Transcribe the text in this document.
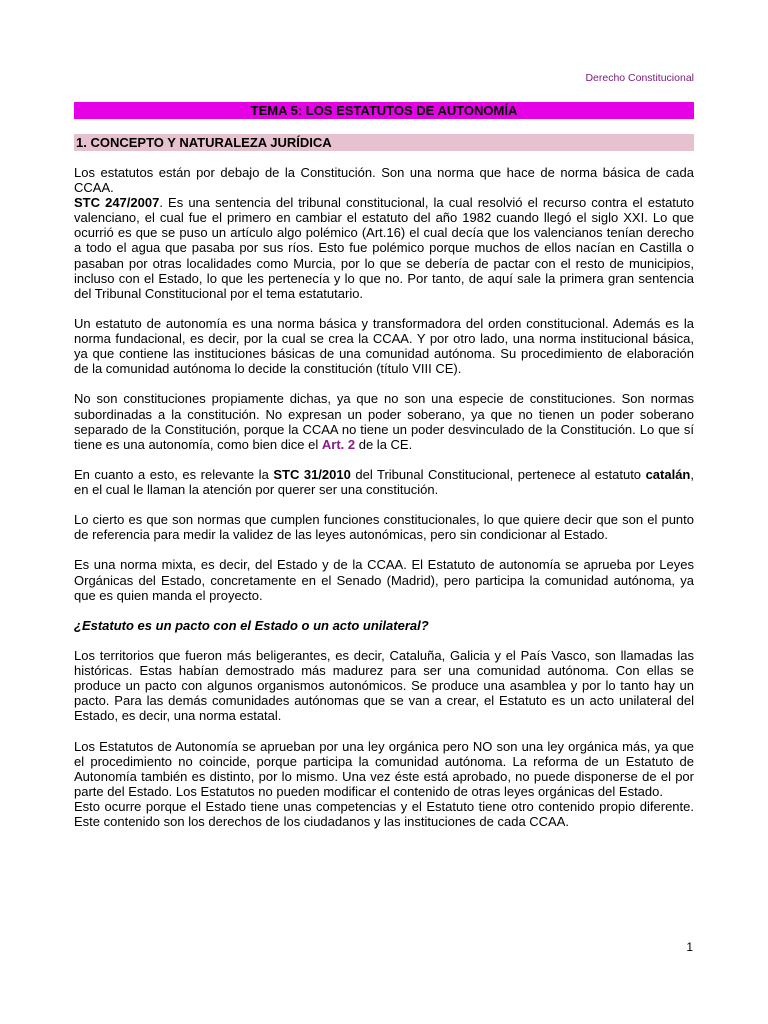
Derecho Constitucional
TEMA 5: LOS ESTATUTOS DE AUTONOMÍA
1. CONCEPTO Y NATURALEZA JURÍDICA

Los estatutos están por debajo de la Constitución. Son una norma que hace de norma básica de cada CCAA.

STC 247/2007. Es una sentencia del tribunal constitucional, la cual resolvió el recurso contra el estatuto valenciano, el cual fue el primero en cambiar el estatuto del año 1982 cuando llegó el siglo XXI. Lo que ocurrió es que se puso un artículo algo polémico (Art.16) el cual decía que los valencianos tenían derecho a todo el agua que pasaba por sus ríos. Esto fue polémico porque muchos de ellos nacían en Castilla o pasaban por otras localidades como Murcia, por lo que se debería de pactar con el resto de municipios, incluso con el Estado, lo que les pertenecía y lo que no. Por tanto, de aquí sale la primera gran sentencia del Tribunal Constitucional por el tema estatutario.

Un estatuto de autonomía es una norma básica y transformadora del orden constitucional. Además es la norma fundacional, es decir, por la cual se crea la CCAA. Y por otro lado, una norma institucional básica, ya que contiene las instituciones básicas de una comunidad autónoma. Su procedimiento de elaboración de la comunidad autónoma lo decide la constitución (título VIII CE).

No son constituciones propiamente dichas, ya que no son una especie de constituciones. Son normas subordinadas a la constitución. No expresan un poder soberano, ya que no tienen un poder soberano separado de la Constitución, porque la CCAA no tiene un poder desvinculado de la Constitución. Lo que sí tiene es una autonomía, como bien dice el Art. 2 de la CE.

En cuanto a esto, es relevante la STC 31/2010 del Tribunal Constitucional, pertenece al estatuto catalán, en el cual le llaman la atención por querer ser una constitución.

Lo cierto es que son normas que cumplen funciones constitucionales, lo que quiere decir que son el punto de referencia para medir la validez de las leyes autonómicas, pero sin condicionar al Estado.

Es una norma mixta, es decir, del Estado y de la CCAA. El Estatuto de autonomía se aprueba por Leyes Orgánicas del Estado, concretamente en el Senado (Madrid), pero participa la comunidad autónoma, ya que es quien manda el proyecto.

¿Estatuto es un pacto con el Estado o un acto unilateral?

Los territorios que fueron más beligerantes, es decir, Cataluña, Galicia y el País Vasco, son llamadas las históricas. Estas habían demostrado más madurez para ser una comunidad autónoma. Con ellas se produce un pacto con algunos organismos autonómicos. Se produce una asamblea y por lo tanto hay un pacto. Para las demás comunidades autónomas que se van a crear, el Estatuto es un acto unilateral del Estado, es decir, una norma estatal.

Los Estatutos de Autonomía se aprueban por una ley orgánica pero NO son una ley orgánica más, ya que el procedimiento no coincide, porque participa la comunidad autónoma. La reforma de un Estatuto de Autonomía también es distinto, por lo mismo. Una vez éste está aprobado, no puede disponerse de el por parte del Estado. Los Estatutos no pueden modificar el contenido de otras leyes orgánicas del Estado.

Esto ocurre porque el Estado tiene unas competencias y el Estatuto tiene otro contenido propio diferente. Este contenido son los derechos de los ciudadanos y las instituciones de cada CCAA.

1
